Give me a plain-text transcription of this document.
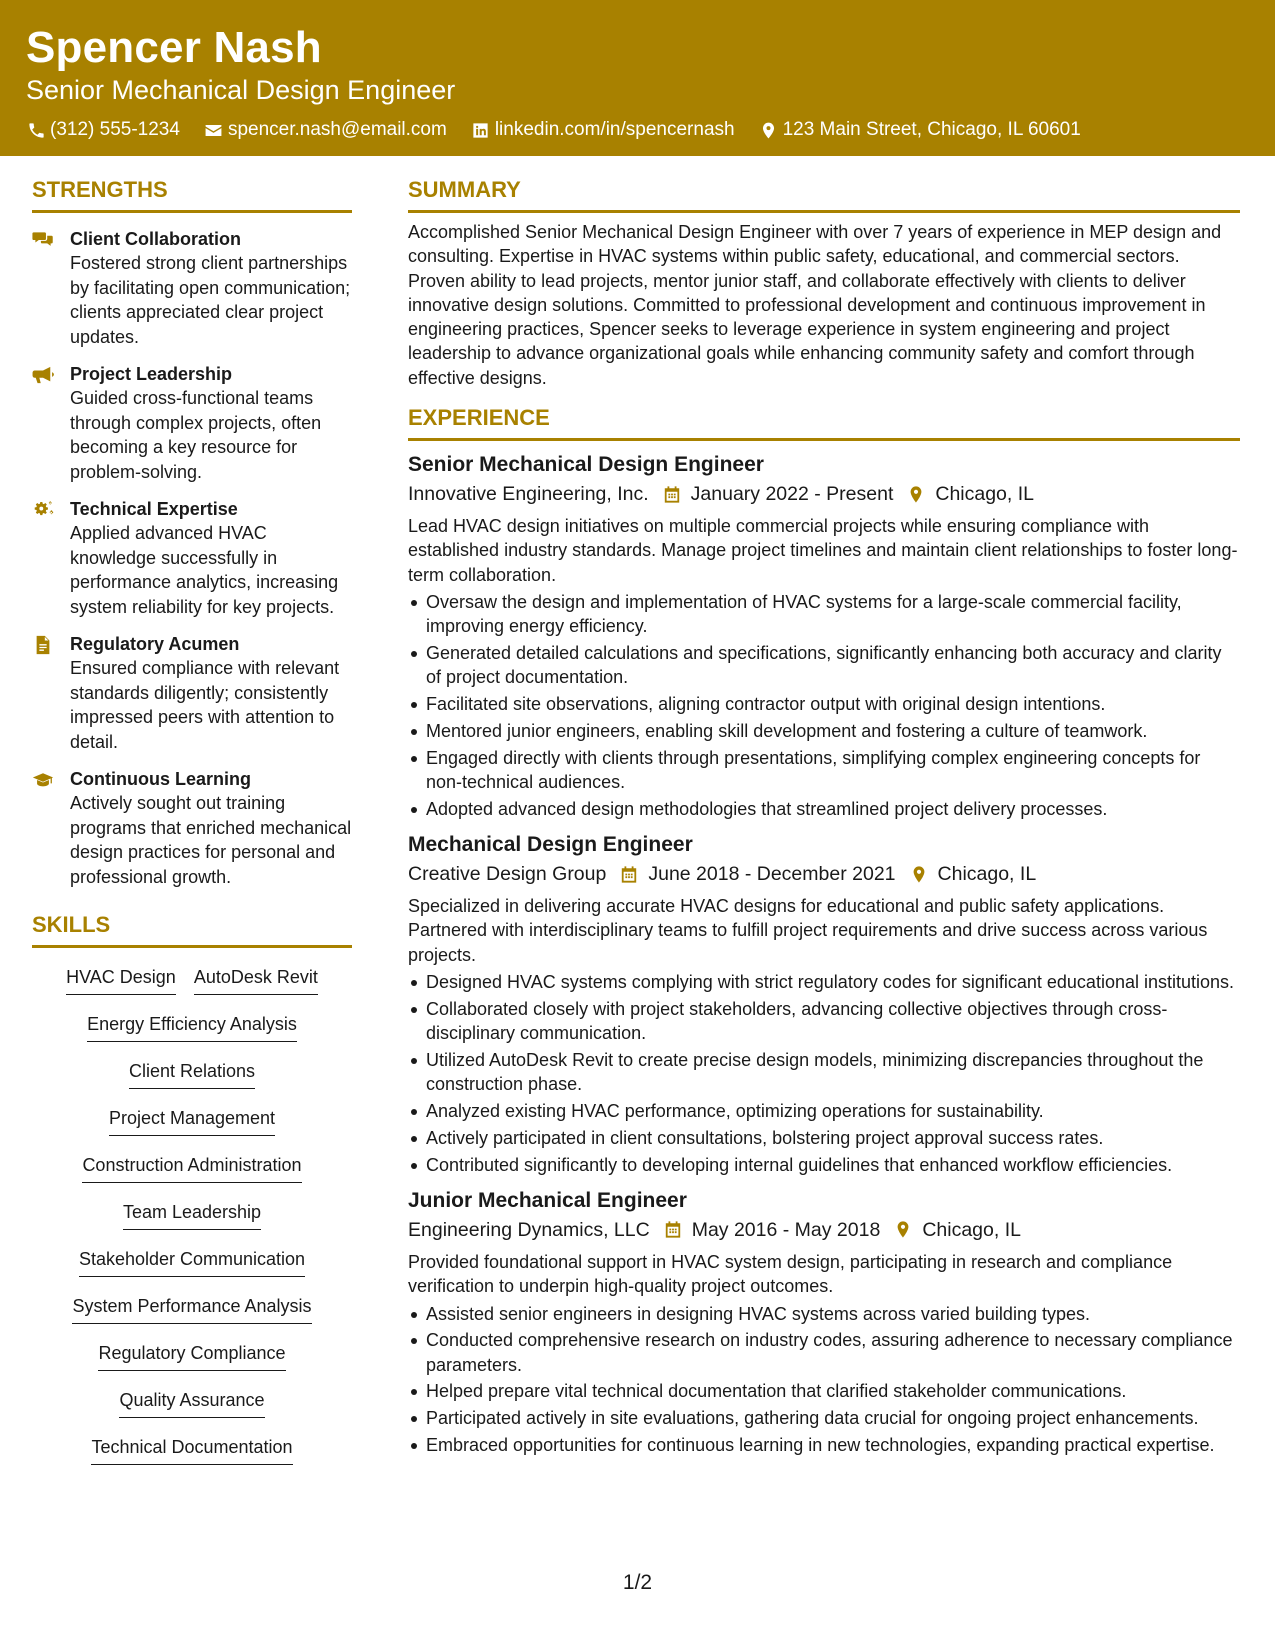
Spencer Nash
Senior Mechanical Design Engineer
(312) 555-1234	spencer.nash@email.com	linkedin.com/in/spencernash	123 Main Street, Chicago, IL 60601
STRENGTHS
Client Collaboration
Fostered strong client partnerships by facilitating open communication; clients appreciated clear project updates.
Project Leadership
Guided cross-functional teams through complex projects, often becoming a key resource for problem-solving.
Technical Expertise
Applied advanced HVAC knowledge successfully in performance analytics, increasing system reliability for key projects.
Regulatory Acumen
Ensured compliance with relevant standards diligently; consistently impressed peers with attention to detail.
Continuous Learning
Actively sought out training programs that enriched mechanical design practices for personal and professional growth.
SKILLS
HVAC Design AutoDesk Revit
Energy Efficiency Analysis
Client Relations
Project Management
Construction Administration
Team Leadership
Stakeholder Communication
System Performance Analysis
Regulatory Compliance
Quality Assurance
Technical Documentation
SUMMARY
Accomplished Senior Mechanical Design Engineer with over 7 years of experience in MEP design and consulting. Expertise in HVAC systems within public safety, educational, and commercial sectors. Proven ability to lead projects, mentor junior staff, and collaborate effectively with clients to deliver innovative design solutions. Committed to professional development and continuous improvement in engineering practices, Spencer seeks to leverage experience in system engineering and project leadership to advance organizational goals while enhancing community safety and comfort through effective designs.
EXPERIENCE
Senior Mechanical Design Engineer
Innovative Engineering, Inc. January 2022 - Present Chicago, IL
Lead HVAC design initiatives on multiple commercial projects while ensuring compliance with established industry standards. Manage project timelines and maintain client relationships to foster long-term collaboration.
Oversaw the design and implementation of HVAC systems for a large-scale commercial facility, improving energy efficiency.
Generated detailed calculations and specifications, significantly enhancing both accuracy and clarity of project documentation.
Facilitated site observations, aligning contractor output with original design intentions.
Mentored junior engineers, enabling skill development and fostering a culture of teamwork.
Engaged directly with clients through presentations, simplifying complex engineering concepts for non-technical audiences.
Adopted advanced design methodologies that streamlined project delivery processes.
Mechanical Design Engineer
Creative Design Group June 2018 - December 2021 Chicago, IL
Specialized in delivering accurate HVAC designs for educational and public safety applications. Partnered with interdisciplinary teams to fulfill project requirements and drive success across various projects.
Designed HVAC systems complying with strict regulatory codes for significant educational institutions.
Collaborated closely with project stakeholders, advancing collective objectives through cross-disciplinary communication.
Utilized AutoDesk Revit to create precise design models, minimizing discrepancies throughout the construction phase.
Analyzed existing HVAC performance, optimizing operations for sustainability.
Actively participated in client consultations, bolstering project approval success rates.
Contributed significantly to developing internal guidelines that enhanced workflow efficiencies.
Junior Mechanical Engineer
Engineering Dynamics, LLC May 2016 - May 2018 Chicago, IL
Provided foundational support in HVAC system design, participating in research and compliance verification to underpin high-quality project outcomes.
Assisted senior engineers in designing HVAC systems across varied building types.
Conducted comprehensive research on industry codes, assuring adherence to necessary compliance parameters.
Helped prepare vital technical documentation that clarified stakeholder communications.
Participated actively in site evaluations, gathering data crucial for ongoing project enhancements.
Embraced opportunities for continuous learning in new technologies, expanding practical expertise.
1/2
